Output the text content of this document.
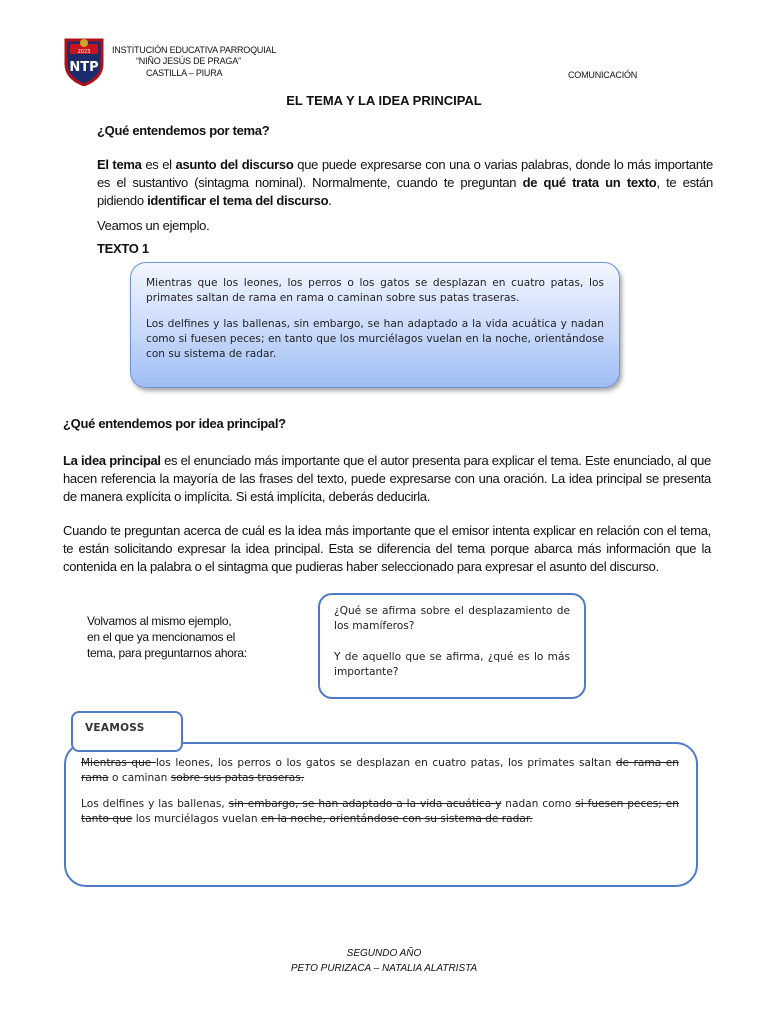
2023
NTP
INSTITUCIÓN EDUCATIVA PARROQUIAL
“NIÑO JESÚS DE PRAGA”
CASTILLA – PIURA	COMUNICACIÓN
EL TEMA Y LA IDEA PRINCIPAL
¿Qué entendemos por tema?
El tema es el asunto del discurso que puede expresarse con una o varias palabras, donde lo más importante es el sustantivo (sintagma nominal). Normalmente, cuando te preguntan de qué trata un texto, te están pidiendo identificar el tema del discurso.
Veamos un ejemplo.
TEXTO 1
Mientras que los leones, los perros o los gatos se desplazan en cuatro patas, los primates saltan de rama en rama o caminan sobre sus patas traseras.
Los delfines y las ballenas, sin embargo, se han adaptado a la vida acuática y nadan como si fuesen peces; en tanto que los murciélagos vuelan en la noche, orientándose con su sistema de radar.
¿Qué entendemos por idea principal?
La idea principal es el enunciado más importante que el autor presenta para explicar el tema. Este enunciado, al que hacen referencia la mayoría de las frases del texto, puede expresarse con una oración. La idea principal se presenta de manera explícita o implícita. Si está implícita, deberás deducirla.
Cuando te preguntan acerca de cuál es la idea más importante que el emisor intenta explicar en relación con el tema, te están solicitando expresar la idea principal. Esta se diferencia del tema porque abarca más información que la contenida en la palabra o el sintagma que pudieras haber seleccionado para expresar el asunto del discurso.
Volvamos al mismo ejemplo,
en el que ya mencionamos el
tema, para preguntarnos ahora:
¿Qué se afirma sobre el desplazamiento de los mamíferos?
Y de aquello que se afirma, ¿qué es lo más importante?
Mientras que los leones, los perros o los gatos se desplazan en cuatro patas, los primates saltan de rama en rama o caminan sobre sus patas traseras.
Los delfines y las ballenas, sin embargo, se han adaptado a la vida acuática y nadan como si fuesen peces; en tanto que los murciélagos vuelan en la noche, orientándose con su sistema de radar.
VEAMOSS
SEGUNDO AÑO
PETO PURIZACA – NATALIA ALATRISTA
